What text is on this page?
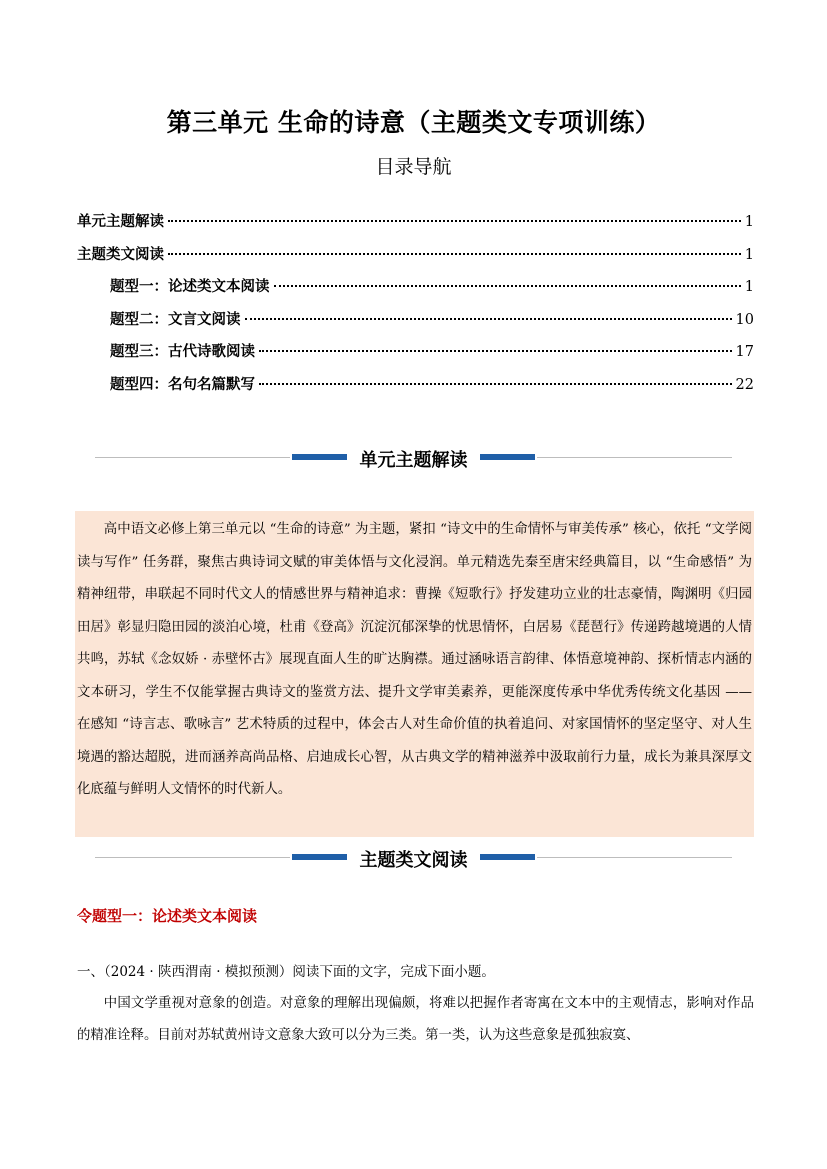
第三单元 生命的诗意（主题类文专项训练）
目录导航
单元主题解读	1
主题类文阅读	1
题型一：论述类文本阅读	1
题型二：文言文阅读	10
题型三：古代诗歌阅读	17
题型四：名句名篇默写	22
单元主题解读
高中语文必修上第三单元以 “生命的诗意” 为主题，紧扣 “诗文中的生命情怀与审美传承” 核心，依托 “文学阅读与写作” 任务群，聚焦古典诗词文赋的审美体悟与文化浸润。单元精选先秦至唐宋经典篇目，以 “生命感悟” 为精神纽带，串联起不同时代文人的情感世界与精神追求：曹操《短歌行》抒发建功立业的壮志豪情，陶渊明《归园田居》彰显归隐田园的淡泊心境，杜甫《登高》沉淀沉郁深挚的忧思情怀，白居易《琵琶行》传递跨越境遇的人情共鸣，苏轼《念奴娇 · 赤壁怀古》展现直面人生的旷达胸襟。通过涵咏语言韵律、体悟意境神韵、探析情志内涵的文本研习，学生不仅能掌握古典诗文的鉴赏方法、提升文学审美素养，更能深度传承中华优秀传统文化基因 —— 在感知 “诗言志、歌咏言” 艺术特质的过程中，体会古人对生命价值的执着追问、对家国情怀的坚定坚守、对人生境遇的豁达超脱，进而涵养高尚品格、启迪成长心智，从古典文学的精神滋养中汲取前行力量，成长为兼具深厚文化底蕴与鲜明人文情怀的时代新人。
主题类文阅读
令题型一：论述类文本阅读
一、（2024 · 陕西渭南 · 模拟预测）阅读下面的文字，完成下面小题。
中国文学重视对意象的创造。对意象的理解出现偏颇，将难以把握作者寄寓在文本中的主观情志，影响对作品的精准诠释。目前对苏轼黄州诗文意象大致可以分为三类。第一类，认为这些意象是孤独寂寞、
